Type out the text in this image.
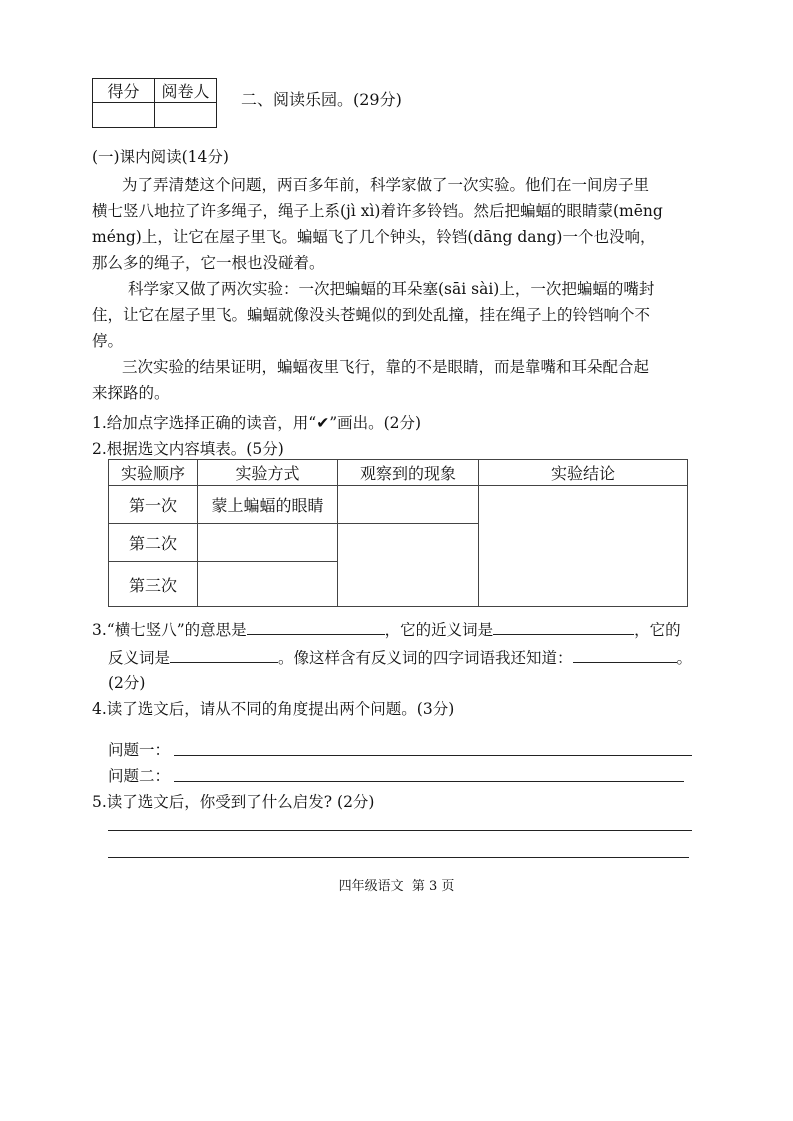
得分	阅卷人
	二、阅读乐园。(29分)
(一)课内阅读(14分)
为了弄清楚这个问题，两百多年前，科学家做了一次实验。他们在一间房子里
横七竖八地拉了许多绳子，绳子上系(jì xì)着许多铃铛。然后把蝙蝠的眼睛蒙(mēng
méng)上，让它在屋子里飞。蝙蝠飞了几个钟头，铃铛(dāng dang)一个也没响，
那么多的绳子，它一根也没碰着。
科学家又做了两次实验：一次把蝙蝠的耳朵塞(sāi sài)上，一次把蝙蝠的嘴封
住，让它在屋子里飞。蝙蝠就像没头苍蝇似的到处乱撞，挂在绳子上的铃铛响个不
停。
三次实验的结果证明，蝙蝠夜里飞行，靠的不是眼睛，而是靠嘴和耳朵配合起
来探路的。
1.给加点字选择正确的读音，用“✔”画出。(2分)
2.根据选文内容填表。(5分)
实验顺序	实验方式	观察到的现象	实验结论
第一次	蒙上蝙蝠的眼睛		
第二次			
第三次			
3.“横七竖八”的意思是	，它的近义词是	，它的
反义词是	。像这样含有反义词的四字词语我还知道：	。
(2分)
4.读了选文后，请从不同的角度提出两个问题。(3分)
问题一：
问题二：
5.读了选文后，你受到了什么启发? (2分)
四年级语文  第 3 页
